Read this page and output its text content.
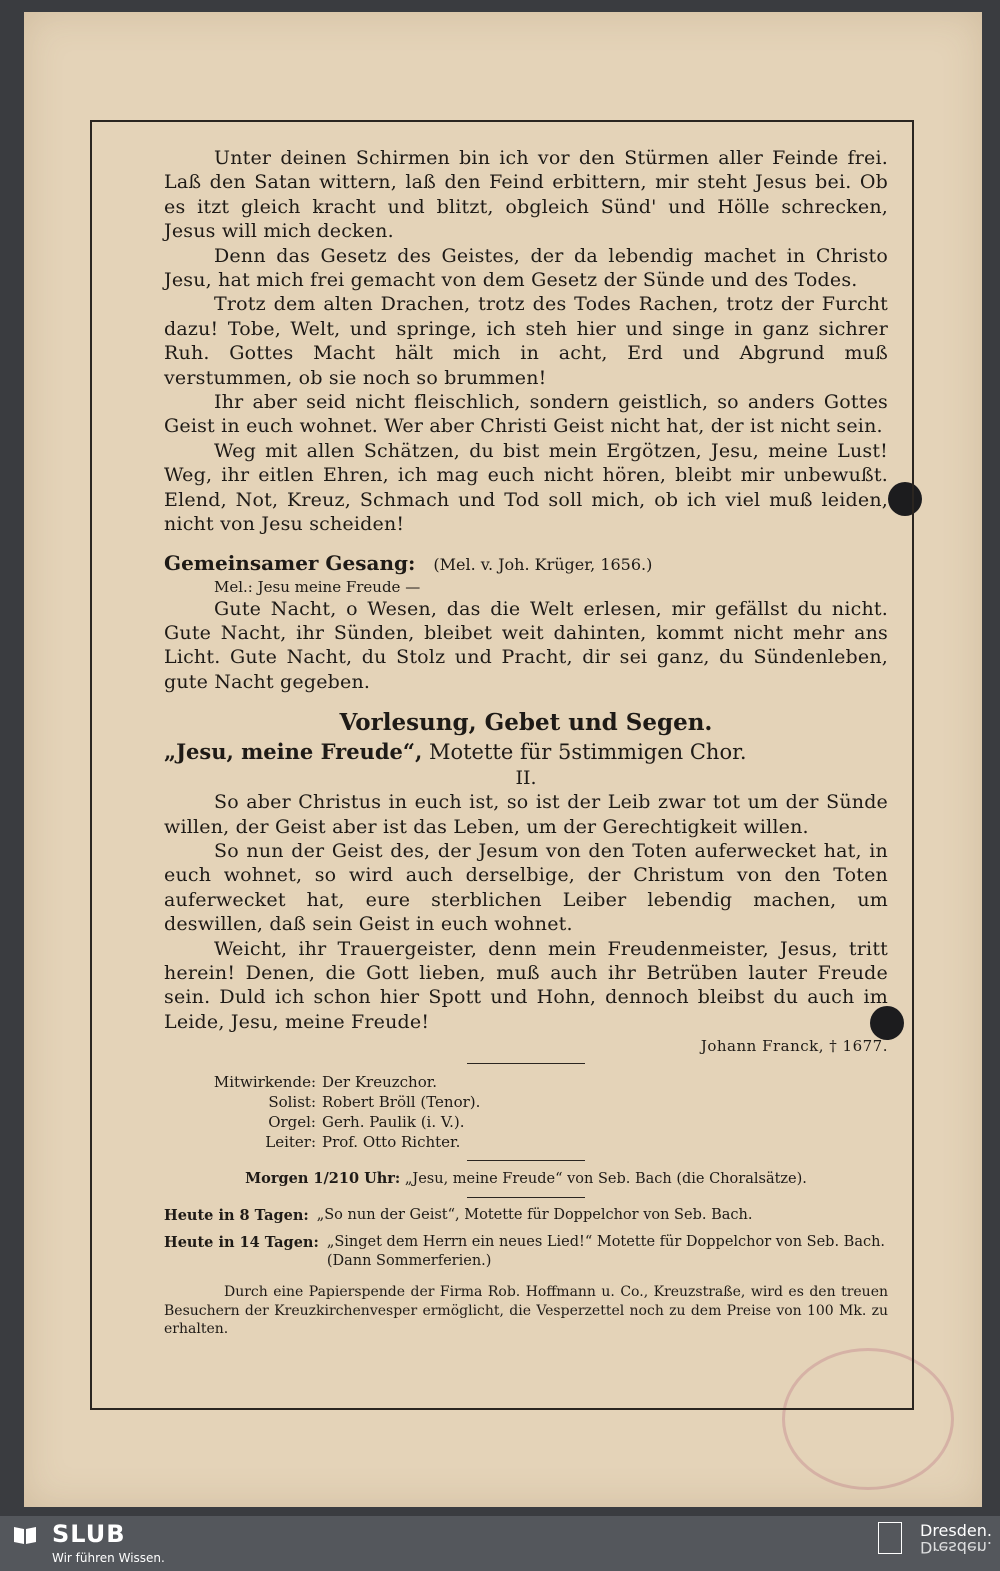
Unter deinen Schirmen bin ich vor den Stürmen aller Feinde frei. Laß den Satan wittern, laß den Feind erbittern, mir steht Jesus bei. Ob es itzt gleich kracht und blitzt, obgleich Sünd' und Hölle schrecken, Jesus will mich decken.

Denn das Gesetz des Geistes, der da lebendig machet in Christo Jesu, hat mich frei gemacht von dem Gesetz der Sünde und des Todes.

Trotz dem alten Drachen, trotz des Todes Rachen, trotz der Furcht dazu! Tobe, Welt, und springe, ich steh hier und singe in ganz sichrer Ruh. Gottes Macht hält mich in acht, Erd und Abgrund muß verstummen, ob sie noch so brummen!

Ihr aber seid nicht fleischlich, sondern geistlich, so anders Gottes Geist in euch wohnet. Wer aber Christi Geist nicht hat, der ist nicht sein.

Weg mit allen Schätzen, du bist mein Ergötzen, Jesu, meine Lust! Weg, ihr eitlen Ehren, ich mag euch nicht hören, bleibt mir unbewußt. Elend, Not, Kreuz, Schmach und Tod soll mich, ob ich viel muß leiden, nicht von Jesu scheiden!

Gemeinsamer Gesang: (Mel. v. Joh. Krüger, 1656.)
Mel.: Jesu meine Freude —

Gute Nacht, o Wesen, das die Welt erlesen, mir gefällst du nicht. Gute Nacht, ihr Sünden, bleibet weit dahinten, kommt nicht mehr ans Licht. Gute Nacht, du Stolz und Pracht, dir sei ganz, du Sündenleben, gute Nacht gegeben.

Vorlesung, Gebet und Segen.
„Jesu, meine Freude“, Motette für 5stimmigen Chor.
II.

So aber Christus in euch ist, so ist der Leib zwar tot um der Sünde willen, der Geist aber ist das Leben, um der Gerechtigkeit willen.

So nun der Geist des, der Jesum von den Toten auferwecket hat, in euch wohnet, so wird auch derselbige, der Christum von den Toten auferwecket hat, eure sterblichen Leiber lebendig machen, um deswillen, daß sein Geist in euch wohnet.

Weicht, ihr Trauergeister, denn mein Freudenmeister, Jesus, tritt herein! Denen, die Gott lieben, muß auch ihr Betrüben lauter Freude sein. Duld ich schon hier Spott und Hohn, dennoch bleibst du auch im Leide, Jesu, meine Freude!

Johann Franck, † 1677.
Mitwirkende: Der Kreuzchor.
Solist: Robert Bröll (Tenor).
Orgel: Gerh. Paulik (i. V.).
Leiter: Prof. Otto Richter.
Morgen 1/210 Uhr: „Jesu, meine Freude“ von Seb. Bach (die Choralsätze).
Heute in 8 Tagen: „So nun der Geist“, Motette für Doppelchor von Seb. Bach.
Heute in 14 Tagen: „Singet dem Herrn ein neues Lied!“ Motette für Doppelchor von Seb. Bach. (Dann Sommerferien.)

Durch eine Papierspende der Firma Rob. Hoffmann u. Co., Kreuzstraße, wird es den treuen Besuchern der Kreuzkirchenvesper ermöglicht, die Vesperzettel noch zu dem Preise von 100 Mk. zu erhalten.

SLUB
Wir führen Wissen.
Dresden.
Dresden.
